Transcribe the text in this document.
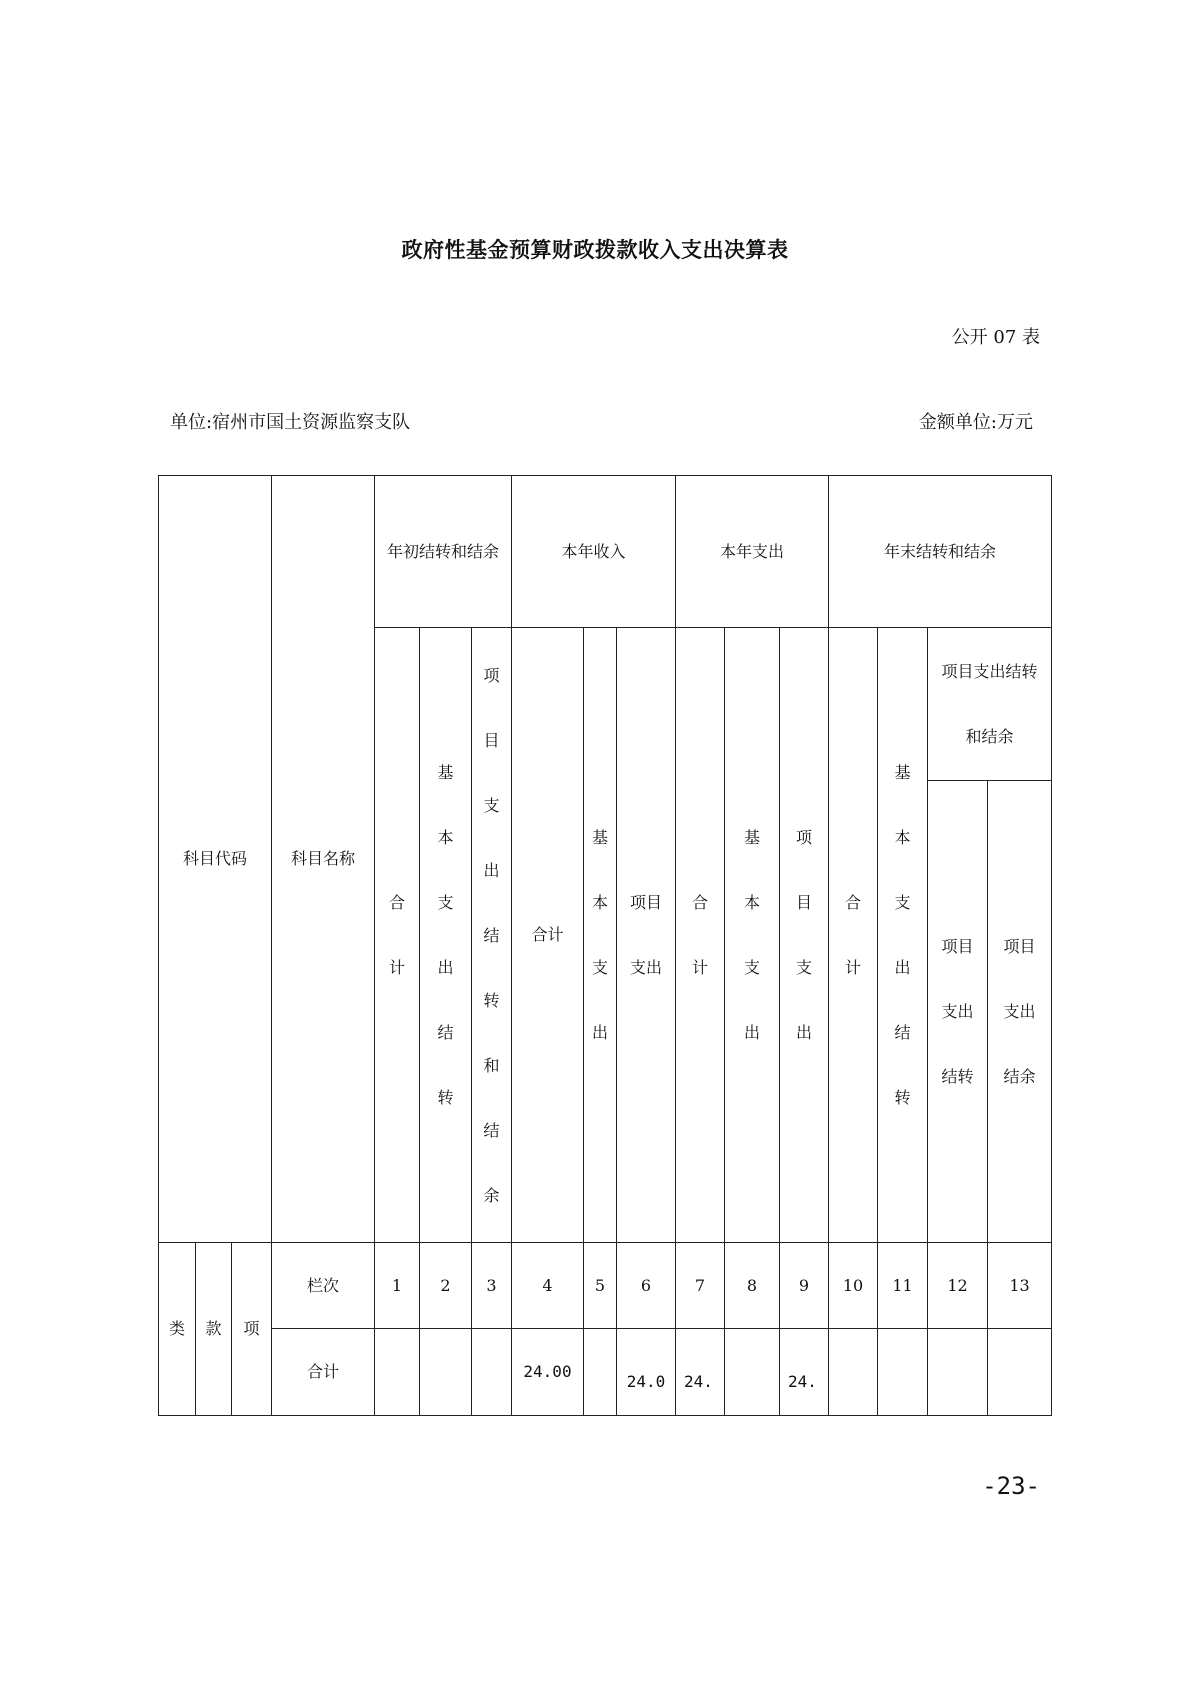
政府性基金预算财政拨款收入支出决算表
公开 07 表
单位:宿州市国土资源监察支队	金额单位:万元
科目代码			科目名称	年初结转和结余			本年收入			本年支出			年末结转和结余			
				合计	基本支出结转	项目支出结转和结余	合计	基本支出	项目支出	合计	基本支出	项目支出	合计	基本支出结转	项目支出结转和结余	

															项目支出结转	项目支出结余

类	款	项	栏次	1	2	3	4	5	6	7	8	9	10	11	12	13
			合计				24.00		24.0	24.		24.				
-23-
